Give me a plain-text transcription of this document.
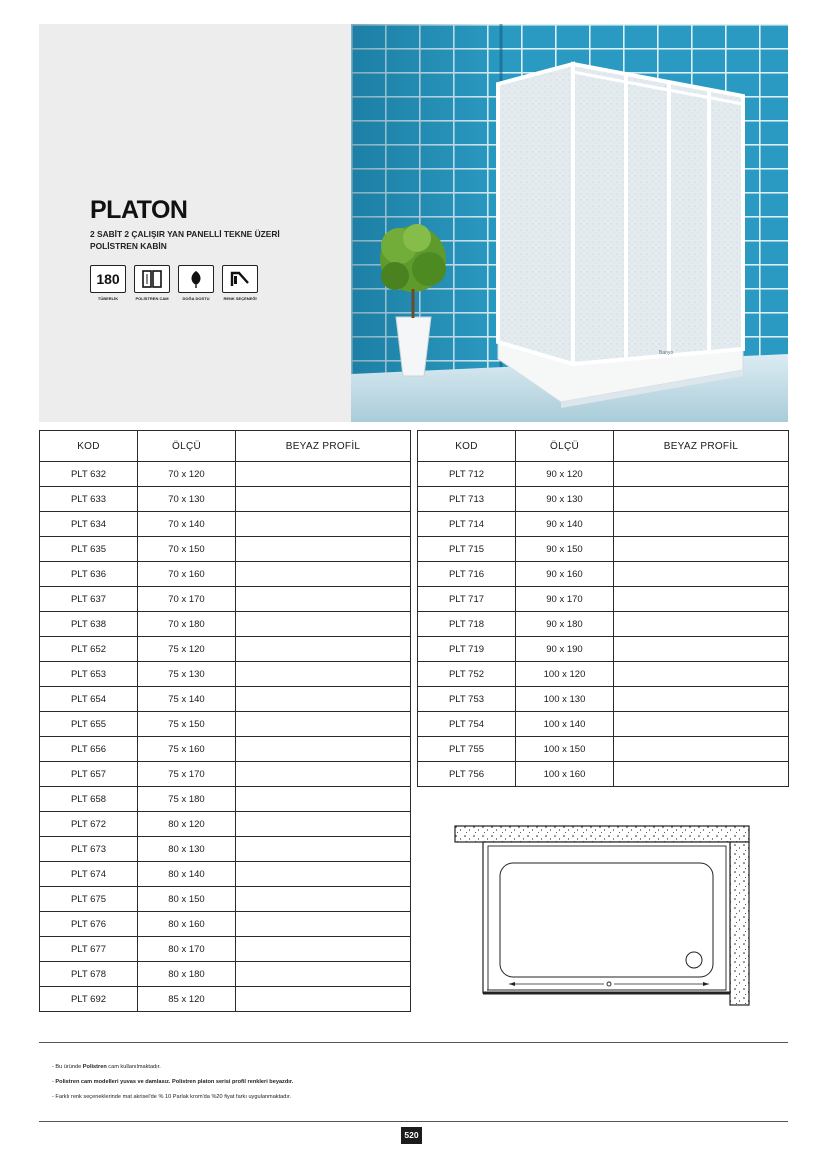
PLATON
2 SABİT 2 ÇALIŞIR YAN PANELLİ TEKNE ÜZERİ
POLİSTREN KABİN
180
TÜBERLİK	POLİSTREN CAM	DOĞA DOSTU	RENK SEÇENEĞİ
Banyo
KOD	ÖLÇÜ	BEYAZ PROFİL
PLT 632	70 x 120	
PLT 633	70 x 130	
PLT 634	70 x 140	
PLT 635	70 x 150	
PLT 636	70 x 160	
PLT 637	70 x 170	
PLT 638	70 x 180	
PLT 652	75 x 120	
PLT 653	75 x 130	
PLT 654	75 x 140	
PLT 655	75 x 150	
PLT 656	75 x 160	
PLT 657	75 x 170	
PLT 658	75 x 180	
PLT 672	80 x 120	
PLT 673	80 x 130	
PLT 674	80 x 140	
PLT 675	80 x 150	
PLT 676	80 x 160	
PLT 677	80 x 170	
PLT 678	80 x 180	
PLT 692	85 x 120	
KOD	ÖLÇÜ	BEYAZ PROFİL
PLT 712	90 x 120	
PLT 713	90 x 130	
PLT 714	90 x 140	
PLT 715	90 x 150	
PLT 716	90 x 160	
PLT 717	90 x 170	
PLT 718	90 x 180	
PLT 719	90 x 190	
PLT 752	100 x 120	
PLT 753	100 x 130	
PLT 754	100 x 140	
PLT 755	100 x 150	
PLT 756	100 x 160	
- Bu üründe Polistren cam kullanılmaktadır.
- Polistren cam modelleri yuvas ve damlasız. Polistren platon serisi profil renkleri beyazdır.
- Farklı renk seçeneklerinde mat akrisel'de % 10 Parlak krom'da %20 fiyat farkı uygulanmaktadır.
520
